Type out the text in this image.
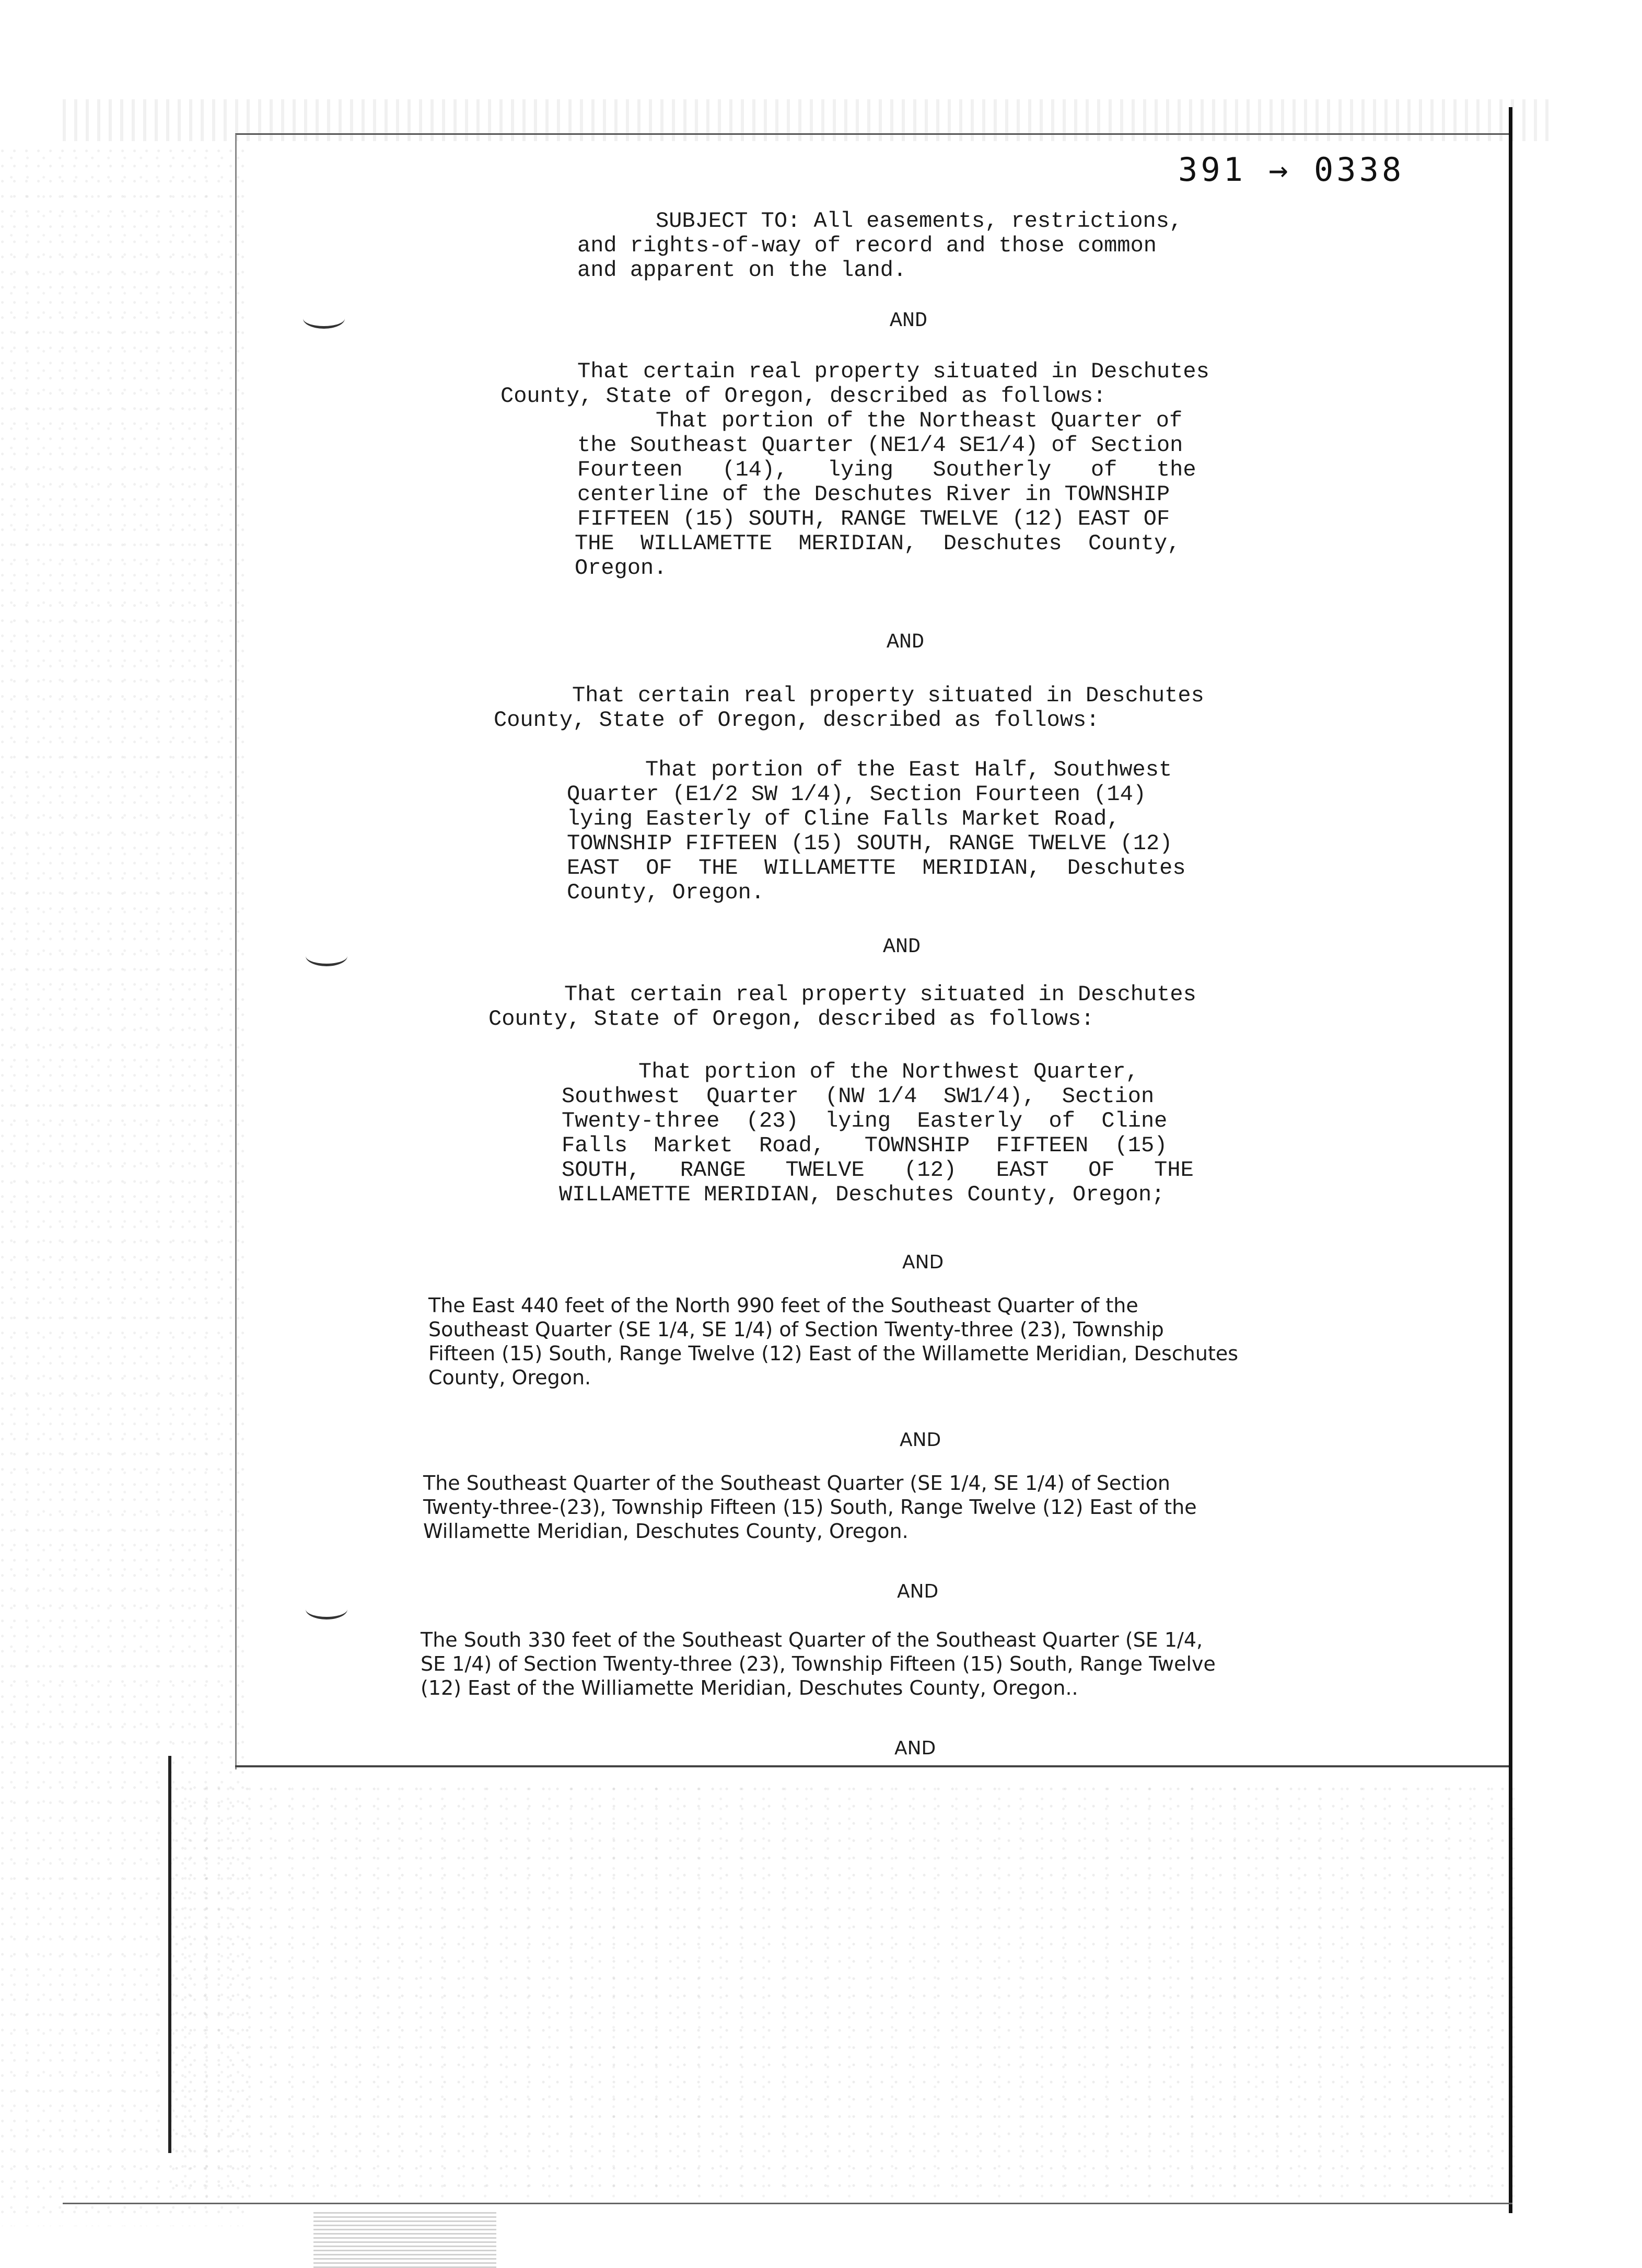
391 → 0338
SUBJECT TO: All easements, restrictions,
and rights-of-way of record and those common
and apparent on the land.
AND
That certain real property situated in Deschutes
County, State of Oregon, described as follows:
That portion of the Northeast Quarter of
the Southeast Quarter (NE1/4 SE1/4) of Section
Fourteen   (14),   lying   Southerly   of   the
centerline of the Deschutes River in TOWNSHIP
FIFTEEN (15) SOUTH, RANGE TWELVE (12) EAST OF
THE  WILLAMETTE  MERIDIAN,  Deschutes  County,
Oregon.
AND
That certain real property situated in Deschutes
County, State of Oregon, described as follows:
That portion of the East Half, Southwest
Quarter (E1/2 SW 1/4), Section Fourteen (14)
lying Easterly of Cline Falls Market Road,
TOWNSHIP FIFTEEN (15) SOUTH, RANGE TWELVE (12)
EAST  OF  THE  WILLAMETTE  MERIDIAN,  Deschutes
County, Oregon.
AND
That certain real property situated in Deschutes
County, State of Oregon, described as follows:
That portion of the Northwest Quarter,
Southwest  Quarter  (NW 1/4  SW1/4),  Section
Twenty-three  (23)  lying  Easterly  of  Cline
Falls  Market  Road,   TOWNSHIP  FIFTEEN  (15)
SOUTH,   RANGE   TWELVE   (12)   EAST   OF   THE
WILLAMETTE MERIDIAN, Deschutes County, Oregon;
AND
The East 440 feet of the North 990 feet of the Southeast Quarter of the
Southeast Quarter (SE 1/4, SE 1/4) of Section Twenty-three (23), Township
Fifteen (15) South, Range Twelve (12) East of the Willamette Meridian, Deschutes
County, Oregon.
AND
The Southeast Quarter of the Southeast Quarter (SE 1/4, SE 1/4) of Section
Twenty-three-(23), Township Fifteen (15) South, Range Twelve (12) East of the
Willamette Meridian, Deschutes County, Oregon.
AND
The South 330 feet of the Southeast Quarter of the Southeast Quarter (SE 1/4,
SE 1/4) of Section Twenty-three (23), Township Fifteen (15) South, Range Twelve
(12) East of the Williamette Meridian, Deschutes County, Oregon..
AND
